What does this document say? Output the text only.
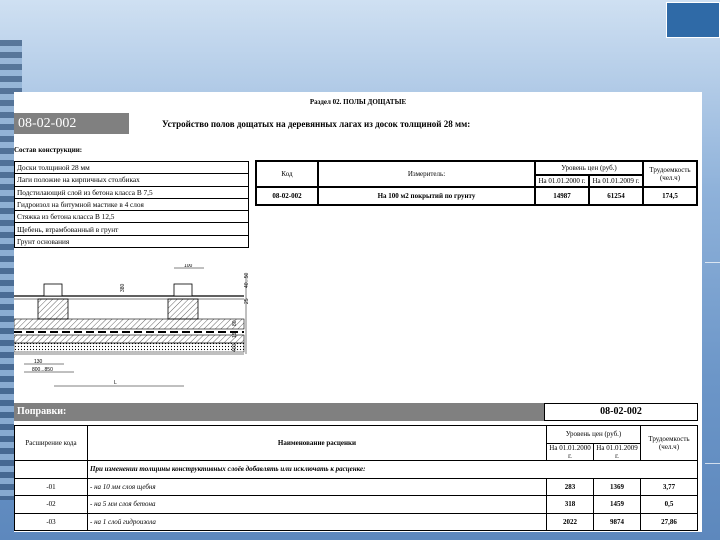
Раздел 02. ПОЛЫ ДОЩАТЫЕ
08-02-002	Устройство полов дощатых на деревянных лагах из досок толщиной 28 мм:
Состав конструкции:
Доски толщиной 28 мм
Лаги положие на кирпичных столбиках
Подстилающий слой из бетона класса В 7,5
Гидроизол на битумной мастике в 4 слоя
Стяжка из бетона класса В 12,5
Щебень, втрамбованный в грунт
Грунт основания
Код	Измеритель:	Уровень цен (руб.)		Трудоемкость (чел.ч)
		На 01.01.2000 г.	На 01.01.2009 г.	
08-02-002	На 100 м2 покрытий по грунту	14987	61254	174,5
100
130
800...850
L
40...50
25
380
80
15
400
Поправки:	08-02-002
Расширение кода	Наименование расценки	Уровень цен (руб.)		Трудоемкость (чел.ч)
		На 01.01.2000 г.	На 01.01.2009 г.	
	При изменении толщины конструктивных слоёв добавлять или исключать к расценке:			
-01	- на 10 мм слоя щебня	283	1369	3,77
-02	- на 5 мм слоя бетона	318	1459	0,5
-03	- на 1 слой гидроизола	2022	9874	27,86
